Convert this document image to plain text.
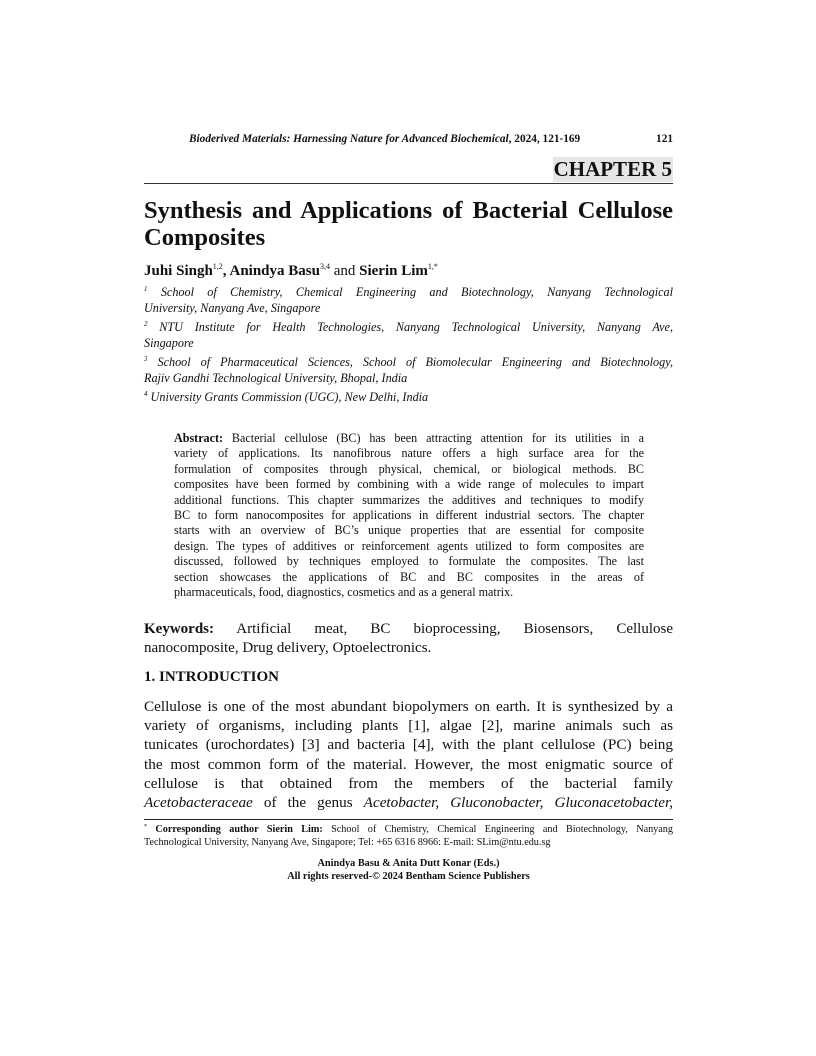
Bioderived Materials: Harnessing Nature for Advanced Biochemical, 2024, 121-169	121
CHAPTER 5
Synthesis and Applications of Bacterial Cellulose
Composites
Juhi Singh$^{1,2}$, Anindya Basu$^{3,4}$ and Sierin Lim$^{1,*}$

$^1$ School of Chemistry, Chemical Engineering and Biotechnology, Nanyang Technological
University, Nanyang Ave, Singapore

$^2$ NTU Institute for Health Technologies, Nanyang Technological University, Nanyang Ave,
Singapore

$^3$ School of Pharmaceutical Sciences, School of Biomolecular Engineering and Biotechnology,
Rajiv Gandhi Technological University, Bhopal, India

$^4$ University Grants Commission (UGC), New Delhi, India

Abstract: Bacterial cellulose (BC) has been attracting attention for its utilities in a
variety of applications. Its nanofibrous nature offers a high surface area for the
formulation of composites through physical, chemical, or biological methods. BC
composites have been formed by combining with a wide range of molecules to impart
additional functions. This chapter summarizes the additives and techniques to modify
BC to form nanocomposites for applications in different industrial sectors. The chapter
starts with an overview of BC’s unique properties that are essential for composite
design. The types of additives or reinforcement agents utilized to form composites are
discussed, followed by techniques employed to formulate the composites. The last
section showcases the applications of BC and BC composites in the areas of
pharmaceuticals, food, diagnostics, cosmetics and as a general matrix.
Keywords: Artificial meat, BC bioprocessing, Biosensors, Cellulose
nanocomposite, Drug delivery, Optoelectronics.
1. INTRODUCTION
Cellulose is one of the most abundant biopolymers on earth. It is synthesized by a
variety of organisms, including plants [1], algae [2], marine animals such as
tunicates (urochordates) [3] and bacteria [4], with the plant cellulose (PC) being
the most common form of the material. However, the most enigmatic source of
cellulose is that obtained from the members of the bacterial family
Acetobacteraceae of the genus Acetobacter, Gluconobacter, Gluconacetobacter,
* Corresponding author Sierin Lim: School of Chemistry, Chemical Engineering and Biotechnology, Nanyang
Technological University, Nanyang Ave, Singapore; Tel: +65 6316 8966: E-mail: SLim@ntu.edu.sg
Anindya Basu & Anita Dutt Konar (Eds.)
All rights reserved-© 2024 Bentham Science Publishers
